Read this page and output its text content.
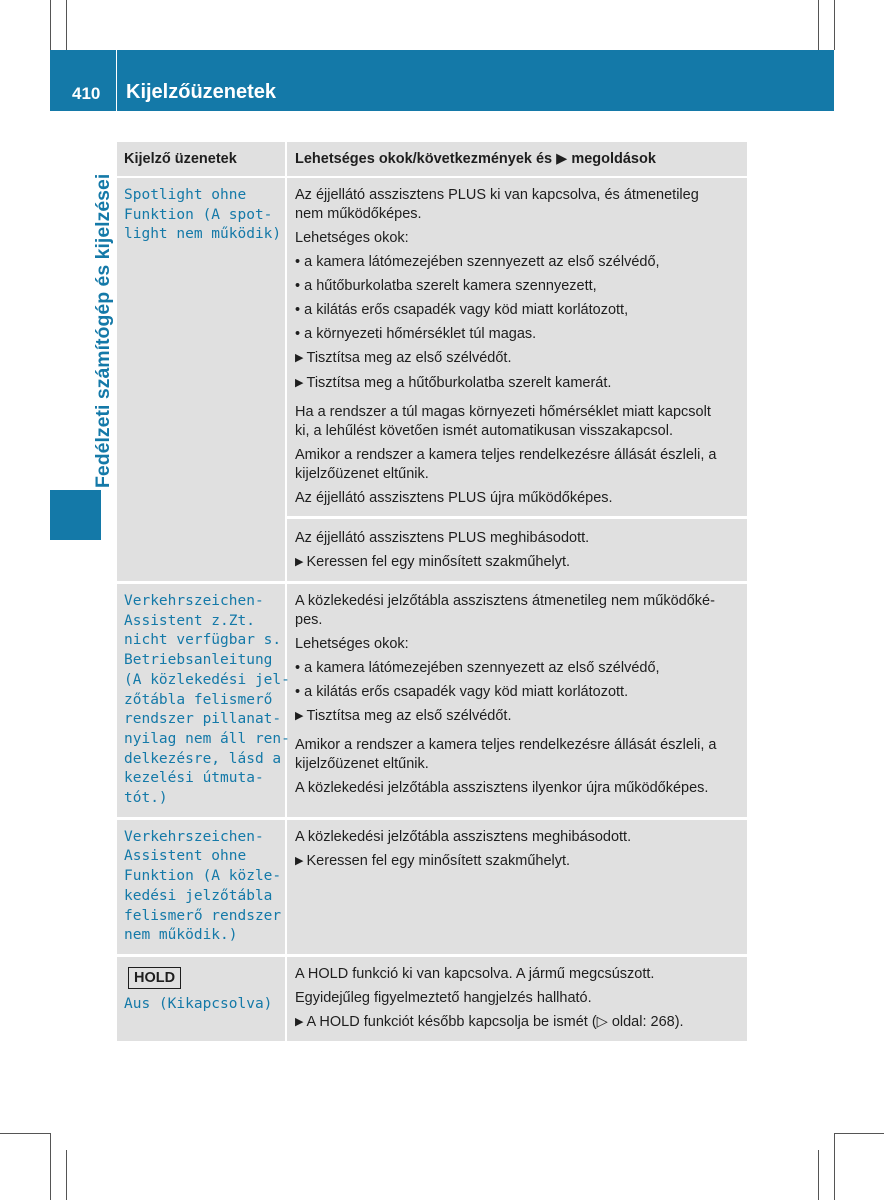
410 Kijelzőüzenetek
Fedélzeti számítógép és kijelzései
Kijelző üzenetek	Lehetséges okok/következmények és ▶ megoldások
Spotlight ohne
Funktion (A spot‑
light nem működik)

Az éjjellátó asszisztens PLUS ki van kapcsolva, és átmenetileg

nem működőképes.

Lehetséges okok:

• a kamera látómezejében szennyezett az első szélvédő,

• a hűtőburkolatba szerelt kamera szennyezett,

• a kilátás erős csapadék vagy köd miatt korlátozott,

• a környezeti hőmérséklet túl magas.

▶ Tisztítsa meg az első szélvédőt.

▶ Tisztítsa meg a hűtőburkolatba szerelt kamerát.

Ha a rendszer a túl magas környezeti hőmérséklet miatt kapcsolt

ki, a lehűlést követően ismét automatikusan visszakapcsol.

Amikor a rendszer a kamera teljes rendelkezésre állását észleli, a

kijelzőüzenet eltűnik.

Az éjjellátó asszisztens PLUS újra működőképes.

Az éjjellátó asszisztens PLUS meghibásodott.

▶ Keressen fel egy minősített szakműhelyt.

Verkehrszeichen‑
Assistent z.Zt.
nicht verfügbar s.
Betriebsanleitung
(A közlekedési jel‑
zőtábla felismerő
rendszer pillanat‑
nyilag nem áll ren‑
delkezésre, lásd a
kezelési útmuta‑
tót.)

A közlekedési jelzőtábla asszisztens átmenetileg nem működőké‑

pes.

Lehetséges okok:

• a kamera látómezejében szennyezett az első szélvédő,

• a kilátás erős csapadék vagy köd miatt korlátozott.

▶ Tisztítsa meg az első szélvédőt.

Amikor a rendszer a kamera teljes rendelkezésre állását észleli, a

kijelzőüzenet eltűnik.

A közlekedési jelzőtábla asszisztens ilyenkor újra működőképes.

Verkehrszeichen‑
Assistent ohne
Funktion (A közle‑
kedési jelzőtábla
felismerő rendszer
nem működik.)

A közlekedési jelzőtábla asszisztens meghibásodott.

▶ Keressen fel egy minősített szakműhelyt.

HOLD
Aus (Kikapcsolva)

A HOLD funkció ki van kapcsolva. A jármű megcsúszott.

Egyidejűleg figyelmeztető hangjelzés hallható.

▶ A HOLD funkciót később kapcsolja be ismét (▷ oldal: 268).
